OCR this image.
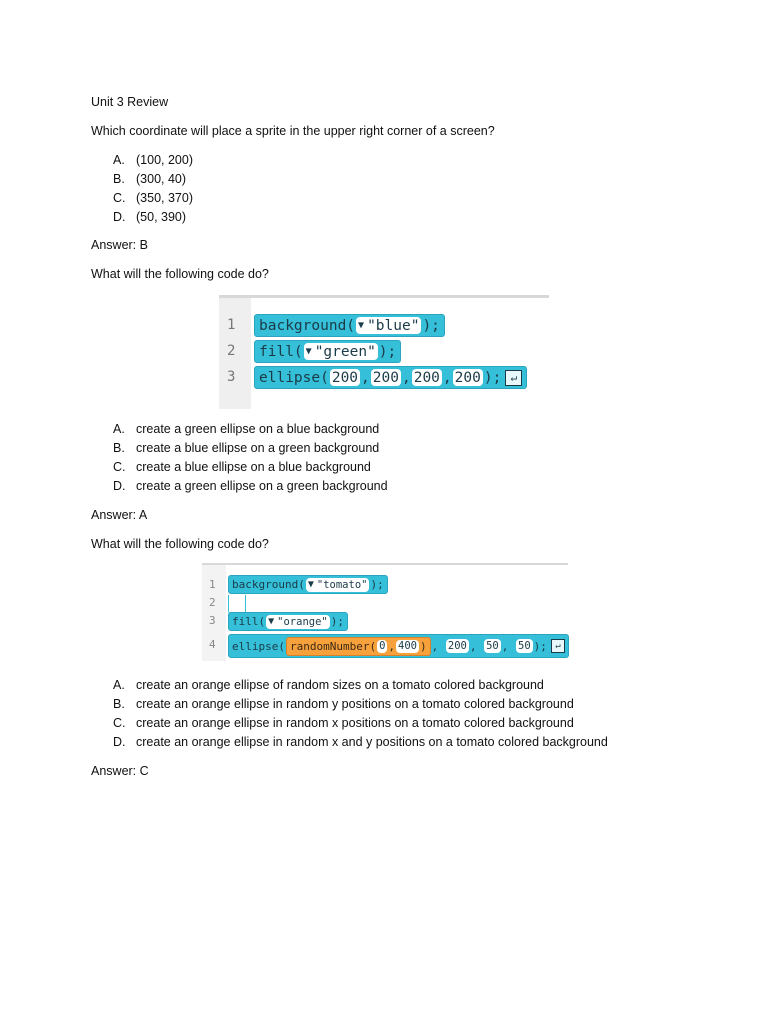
Unit 3 Review
Which coordinate will place a sprite in the upper right corner of a screen?
A. (100, 200)
B. (300, 40)
C. (350, 370)
D. (50, 390)
Answer: B
What will the following code do?
1
2
3
background( ▼ "blue" );
fill( ▼ "green" );
ellipse( 200 , 200 , 200 , 200 ); ↵
A. create a green ellipse on a blue background
B. create a blue ellipse on a green background
C. create a blue ellipse on a blue background
D. create a green ellipse on a green background
Answer: A
What will the following code do?
1
2
3
4
background( ▼ "tomato" );
fill( ▼ "orange" );
ellipse( randomNumber( 0 , 400 ) ,
200 ,
50 ,
50 ); ↵
A. create an orange ellipse of random sizes on a tomato colored background
B. create an orange ellipse in random y positions on a tomato colored background
C. create an orange ellipse in random x positions on a tomato colored background
D. create an orange ellipse in random x and y positions on a tomato colored background
Answer: C
